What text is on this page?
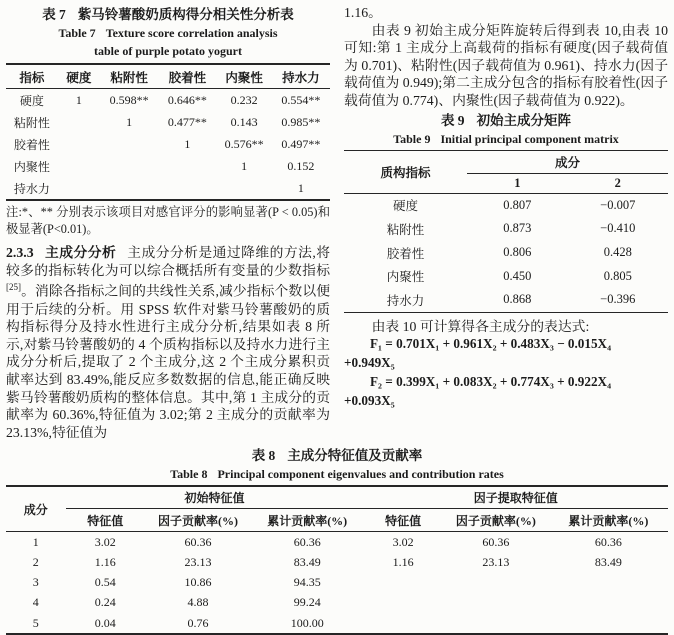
表 7 紫马铃薯酸奶质构得分相关性分析表

Table 7 Texture score correlation analysis

table of purple potato yogurt

指标	硬度	粘附性	胶着性	内聚性	持水力
硬度	1	0.598**	0.646**	0.232	0.554**
粘附性		1	0.477**	0.143	0.985**
胶着性			1	0.576**	0.497**
内聚性				1	0.152
持水力					1

注:*、** 分别表示该项目对感官评分的影响显著(P < 0.05)和极显著(P<0.01)。

2.3.3 主成分分析 主成分分析是通过降维的方法,将较多的指标转化为可以综合概括所有变量的少数指标[25]。消除各指标之间的共线性关系,减少指标个数以便用于后续的分析。用 SPSS 软件对紫马铃薯酸奶的质构指标得分及持水性进行主成分分析,结果如表 8 所示,对紫马铃薯酸奶的 4 个质构指标以及持水力进行主成分分析后,提取了 2 个主成分,这 2 个主成分累积贡献率达到 83.49%,能反应多数数据的信息,能正确反映紫马铃薯酸奶质构的整体信息。其中,第 1 主成分的贡献率为 60.36%,特征值为 3.02;第 2 主成分的贡献率为 23.13%,特征值为

1.16。

由表 9 初始主成分矩阵旋转后得到表 10,由表 10 可知:第 1 主成分上高载荷的指标有硬度(因子载荷值为 0.701)、粘附性(因子载荷值为 0.961)、持水力(因子载荷值为 0.949);第二主成分包含的指标有胶着性(因子载荷值为 0.774)、内聚性(因子载荷值为 0.922)。

表 9 初始主成分矩阵

Table 9 Initial principal component matrix

质构指标	成分	
	1	2
硬度	0.807	−0.007
粘附性	0.873	−0.410
胶着性	0.806	0.428
内聚性	0.450	0.805
持水力	0.868	−0.396

由表 10 可计算得各主成分的表达式:

F₁ = 0.701X₁ + 0.961X₂ + 0.483X₃ − 0.015X₄

+0.949X₅

F₂ = 0.399X₁ + 0.083X₂ + 0.774X₃ + 0.922X₄

+0.093X₅

表 8 主成分特征值及贡献率

Table 8 Principal component eigenvalues and contribution rates

成分	初始特征值			因子提取特征值		
	特征值	因子贡献率(%)	累计贡献率(%)	特征值	因子贡献率(%)	累计贡献率(%)
1	3.02	60.36	60.36	3.02	60.36	60.36
2	1.16	23.13	83.49	1.16	23.13	83.49
3	0.54	10.86	94.35			
4	0.24	4.88	99.24			
5	0.04	0.76	100.00			
